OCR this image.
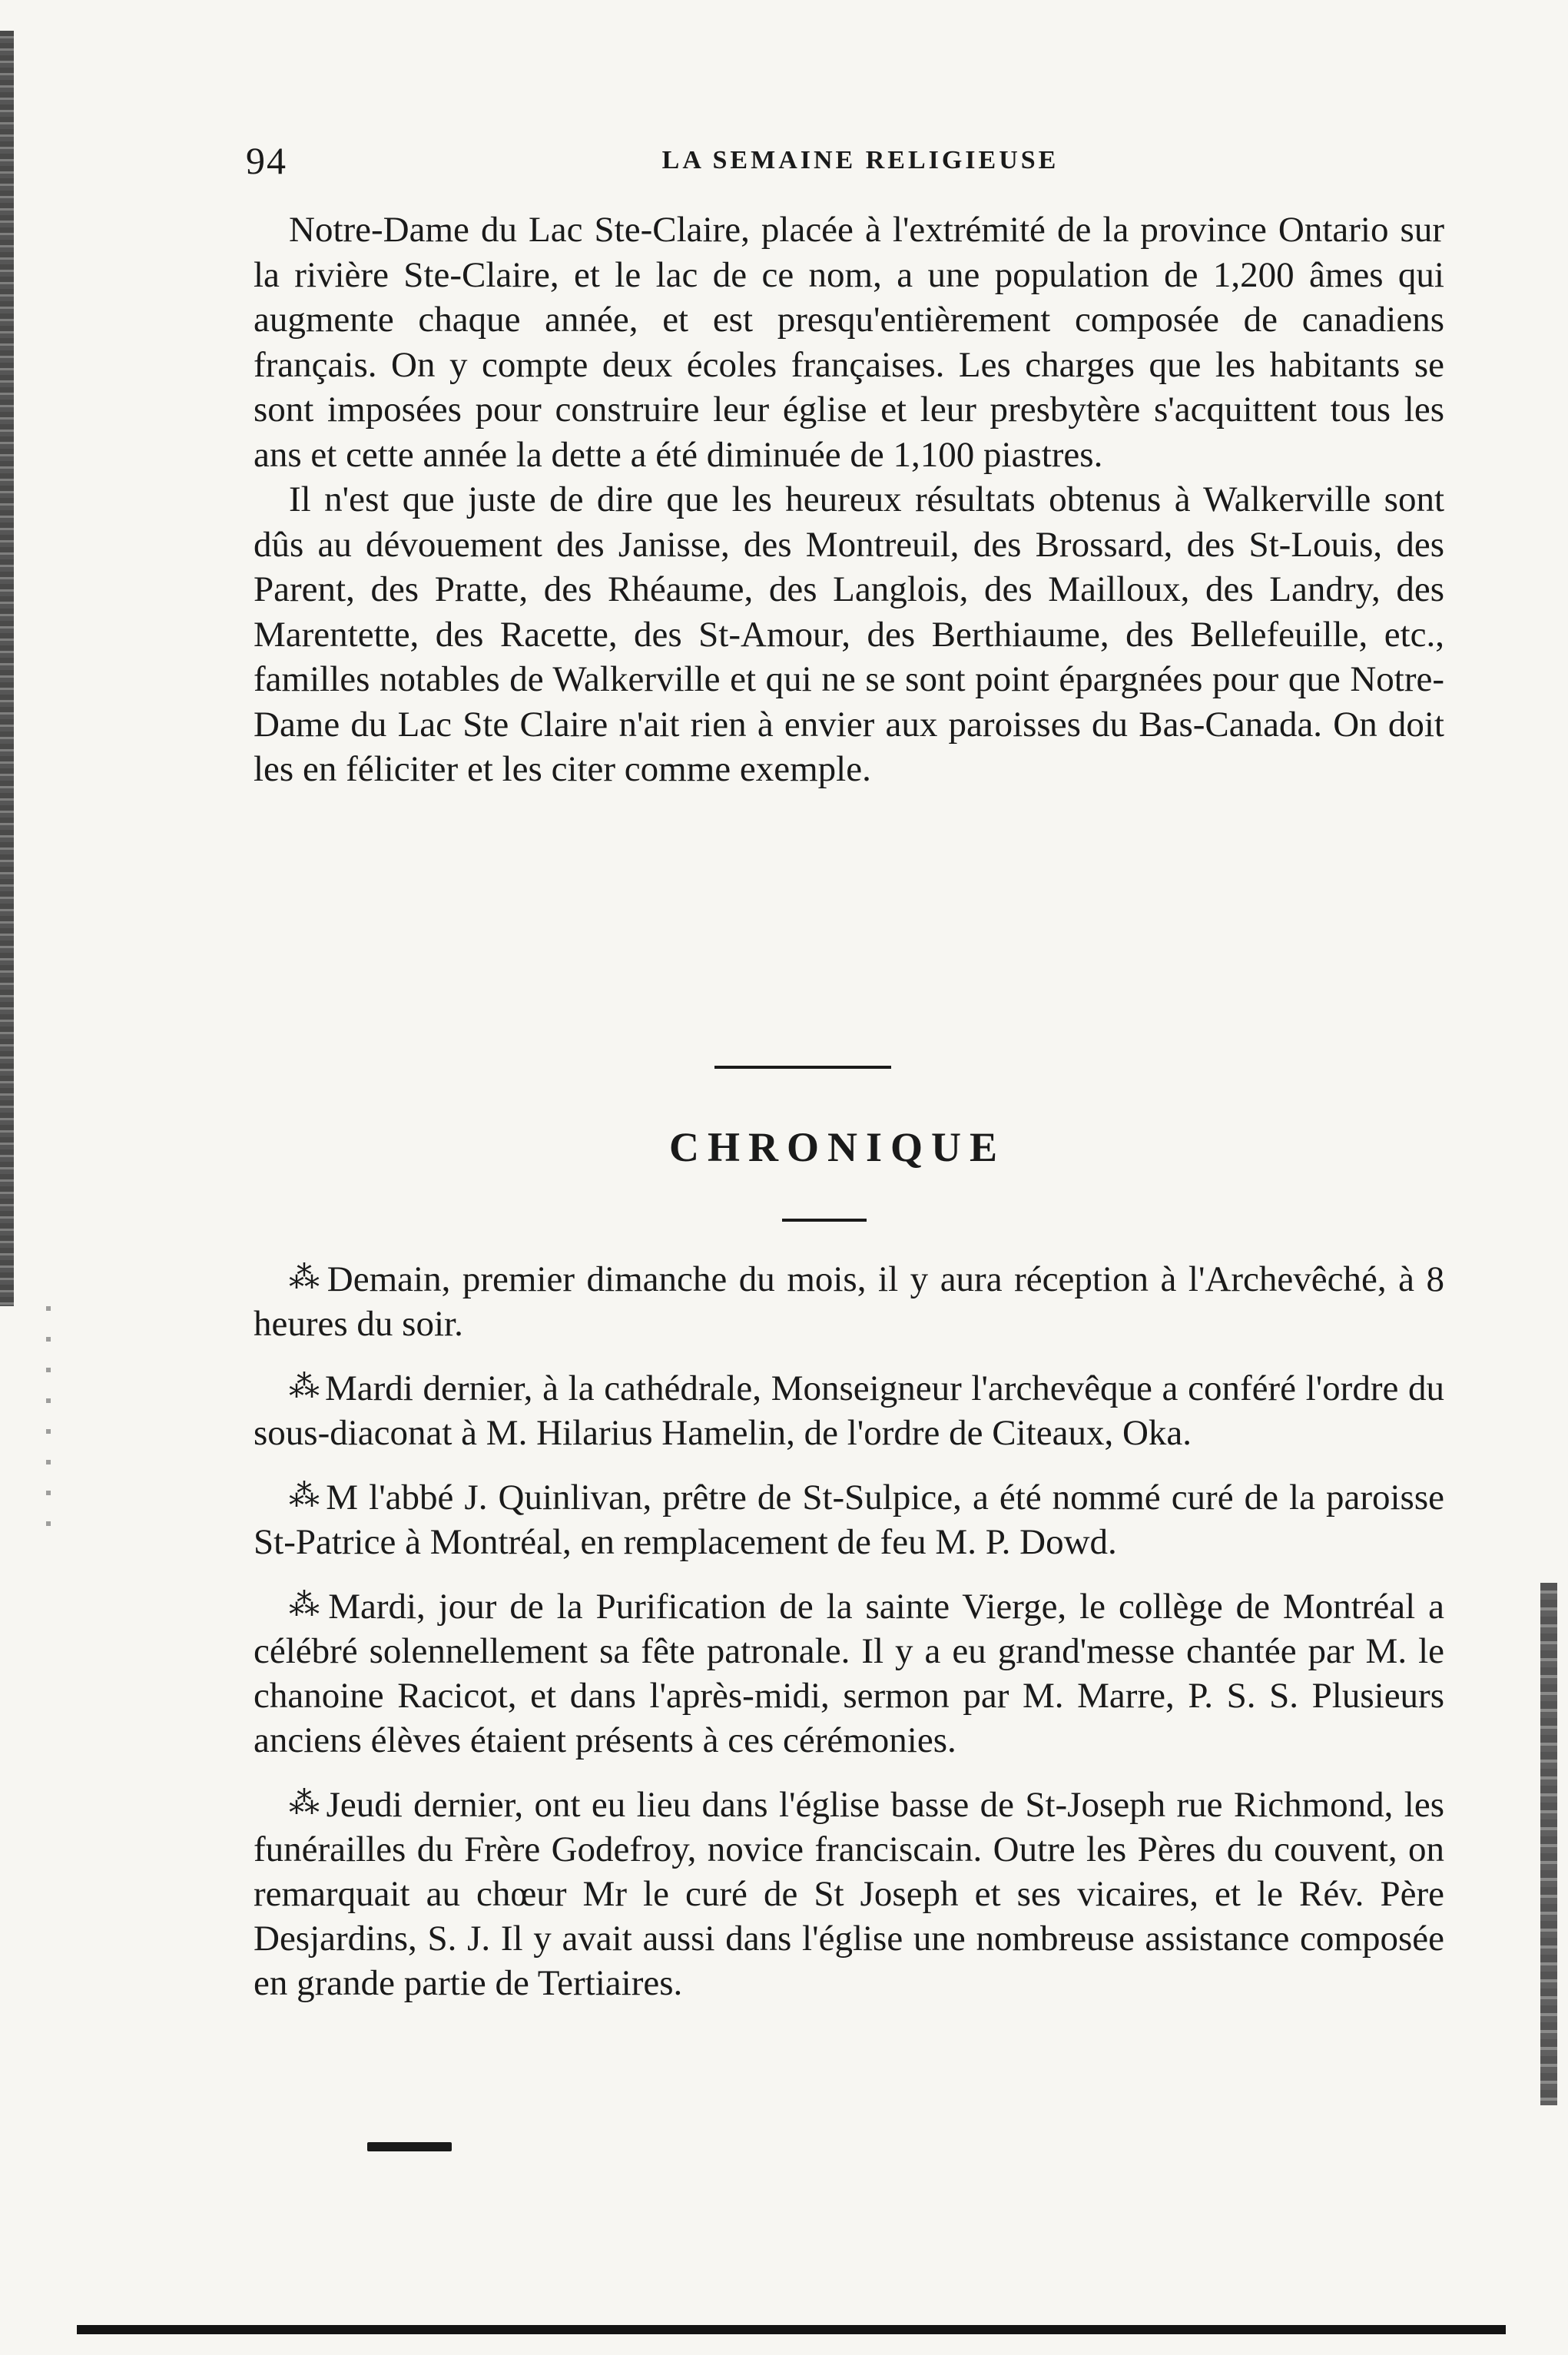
94	LA SEMAINE RELIGIEUSE

Notre-Dame du Lac Ste-Claire, placée à l'extrémité de la province Ontario sur la rivière Ste-Claire, et le lac de ce nom, a une population de 1,200 âmes qui augmente chaque année, et est presqu'entièrement composée de canadiens français. On y compte deux écoles françaises. Les charges que les habitants se sont imposées pour construire leur église et leur presbytère s'acquittent tous les ans et cette année la dette a été diminuée de 1,100 piastres.

Il n'est que juste de dire que les heureux résultats obtenus à Walkerville sont dûs au dévouement des Janisse, des Montreuil, des Brossard, des St-Louis, des Parent, des Pratte, des Rhéaume, des Langlois, des Mailloux, des Landry, des Marentette, des Racette, des St-Amour, des Berthiaume, des Bellefeuille, etc., familles notables de Walkerville et qui ne se sont point épargnées pour que Notre-Dame du Lac Ste Claire n'ait rien à envier aux paroisses du Bas-Canada. On doit les en féliciter et les citer comme exemple.

CHRONIQUE

⁂ Demain, premier dimanche du mois, il y aura réception à l'Archevêché, à 8 heures du soir.

⁂ Mardi dernier, à la cathédrale, Monseigneur l'archevêque a conféré l'ordre du sous-diaconat à M. Hilarius Hamelin, de l'ordre de Citeaux, Oka.

⁂ M l'abbé J. Quinlivan, prêtre de St-Sulpice, a été nommé curé de la paroisse St-Patrice à Montréal, en remplacement de feu M. P. Dowd.

⁂ Mardi, jour de la Purification de la sainte Vierge, le collège de Montréal a célébré solennellement sa fête patronale. Il y a eu grand'messe chantée par M. le chanoine Racicot, et dans l'après-midi, sermon par M. Marre, P. S. S. Plusieurs anciens élèves étaient présents à ces cérémonies.

⁂ Jeudi dernier, ont eu lieu dans l'église basse de St-Joseph rue Richmond, les funérailles du Frère Godefroy, novice franciscain. Outre les Pères du couvent, on remarquait au chœur Mr le curé de St Joseph et ses vicaires, et le Rév. Père Desjardins, S. J. Il y avait aussi dans l'église une nombreuse assistance composée en grande partie de Tertiaires.
